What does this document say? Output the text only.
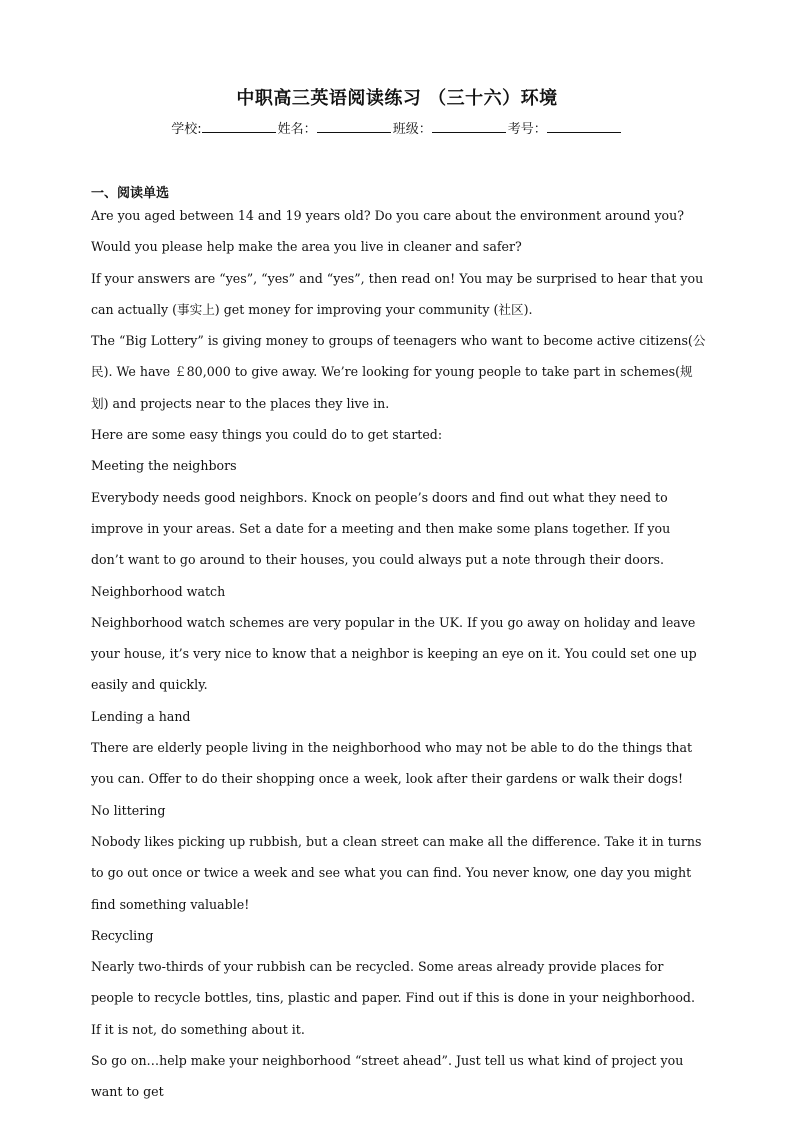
中职高三英语阅读练习 （三十六）环境
学校:	姓名：	班级：	考号：
一、阅读单选

Are you aged between 14 and 19 years old? Do you care about the environment around you? Would you please help make the area you live in cleaner and safer?

If your answers are “yes”, “yes” and “yes”, then read on! You may be surprised to hear that you can actually (事实上) get money for improving your community (社区).

The “Big Lottery” is giving money to groups of teenagers who want to become active citizens(公民). We have ￡80,000 to give away. We’re looking for young people to take part in schemes(规划) and projects near to the places they live in.

Here are some easy things you could do to get started:

Meeting the neighbors

Everybody needs good neighbors. Knock on people’s doors and find out what they need to improve in your areas. Set a date for a meeting and then make some plans together. If you don’t want to go around to their houses, you could always put a note through their doors.

Neighborhood watch

Neighborhood watch schemes are very popular in the UK. If you go away on holiday and leave your house, it’s very nice to know that a neighbor is keeping an eye on it. You could set one up easily and quickly.

Lending a hand

There are elderly people living in the neighborhood who may not be able to do the things that you can. Offer to do their shopping once a week, look after their gardens or walk their dogs!

No littering

Nobody likes picking up rubbish, but a clean street can make all the difference. Take it in turns to go out once or twice a week and see what you can find. You never know, one day you might find something valuable!

Recycling

Nearly two-thirds of your rubbish can be recycled. Some areas already provide places for people to recycle bottles, tins, plastic and paper. Find out if this is done in your neighborhood. If it is not, do something about it.

So go on…help make your neighborhood “street ahead”. Just tell us what kind of project you want to get
